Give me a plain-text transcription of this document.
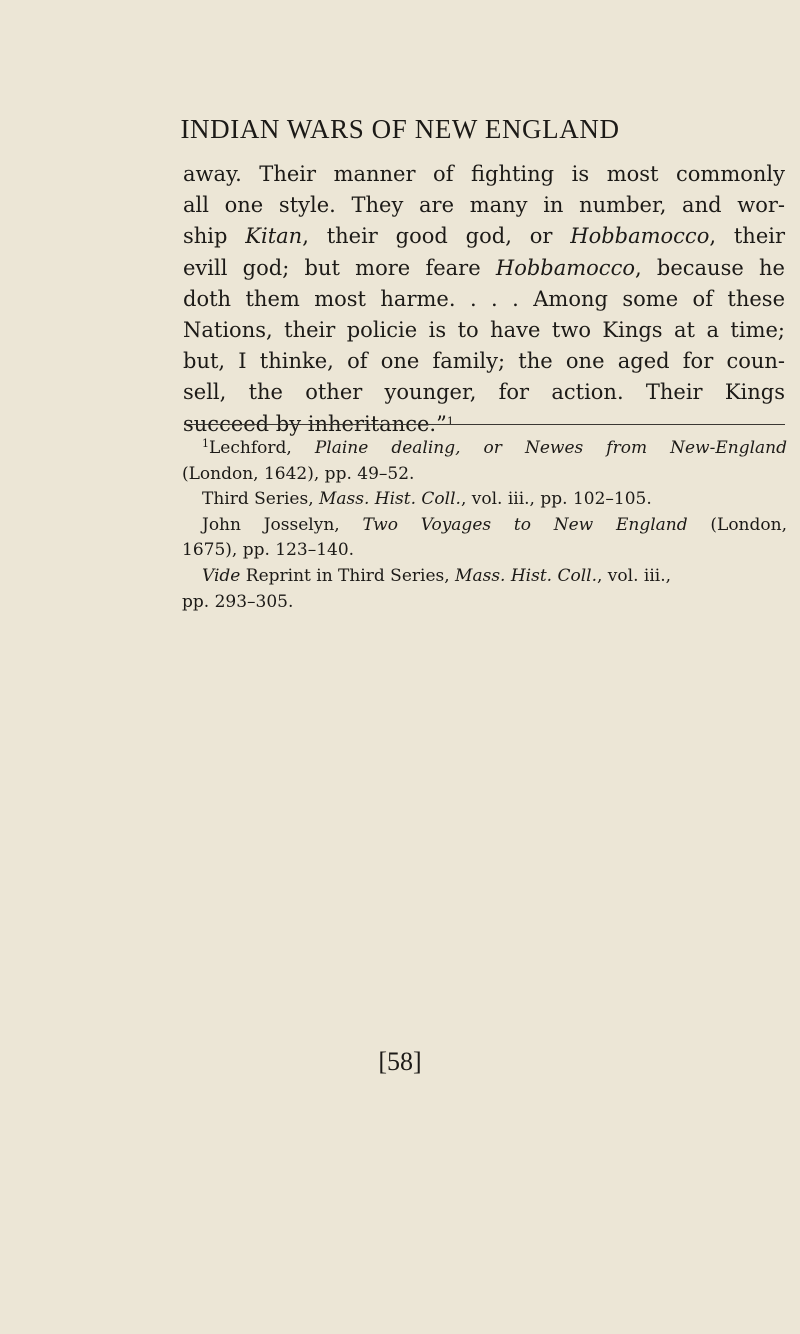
INDIAN WARS OF NEW ENGLAND
away. Their manner of fighting is most commonly
all one style. They are many in number, and wor-
ship Kitan, their good god, or Hobbamocco, their
evill god; but more feare Hobbamocco, because he
doth them most harme. . . . Among some of these
Nations, their policie is to have two Kings at a time;
but, I thinke, of one family; the one aged for coun-
sell, the other younger, for action. Their Kings
succeed by inheritance.”$^1$
$^1$Lechford, Plaine dealing, or Newes from New-England
(London, 1642), pp. 49–52.
Third Series, Mass. Hist. Coll., vol. iii., pp. 102–105.
John Josselyn, Two Voyages to New England (London,
1675), pp. 123–140.
Vide Reprint in Third Series, Mass. Hist. Coll., vol. iii.,
pp. 293–305.
[58]
